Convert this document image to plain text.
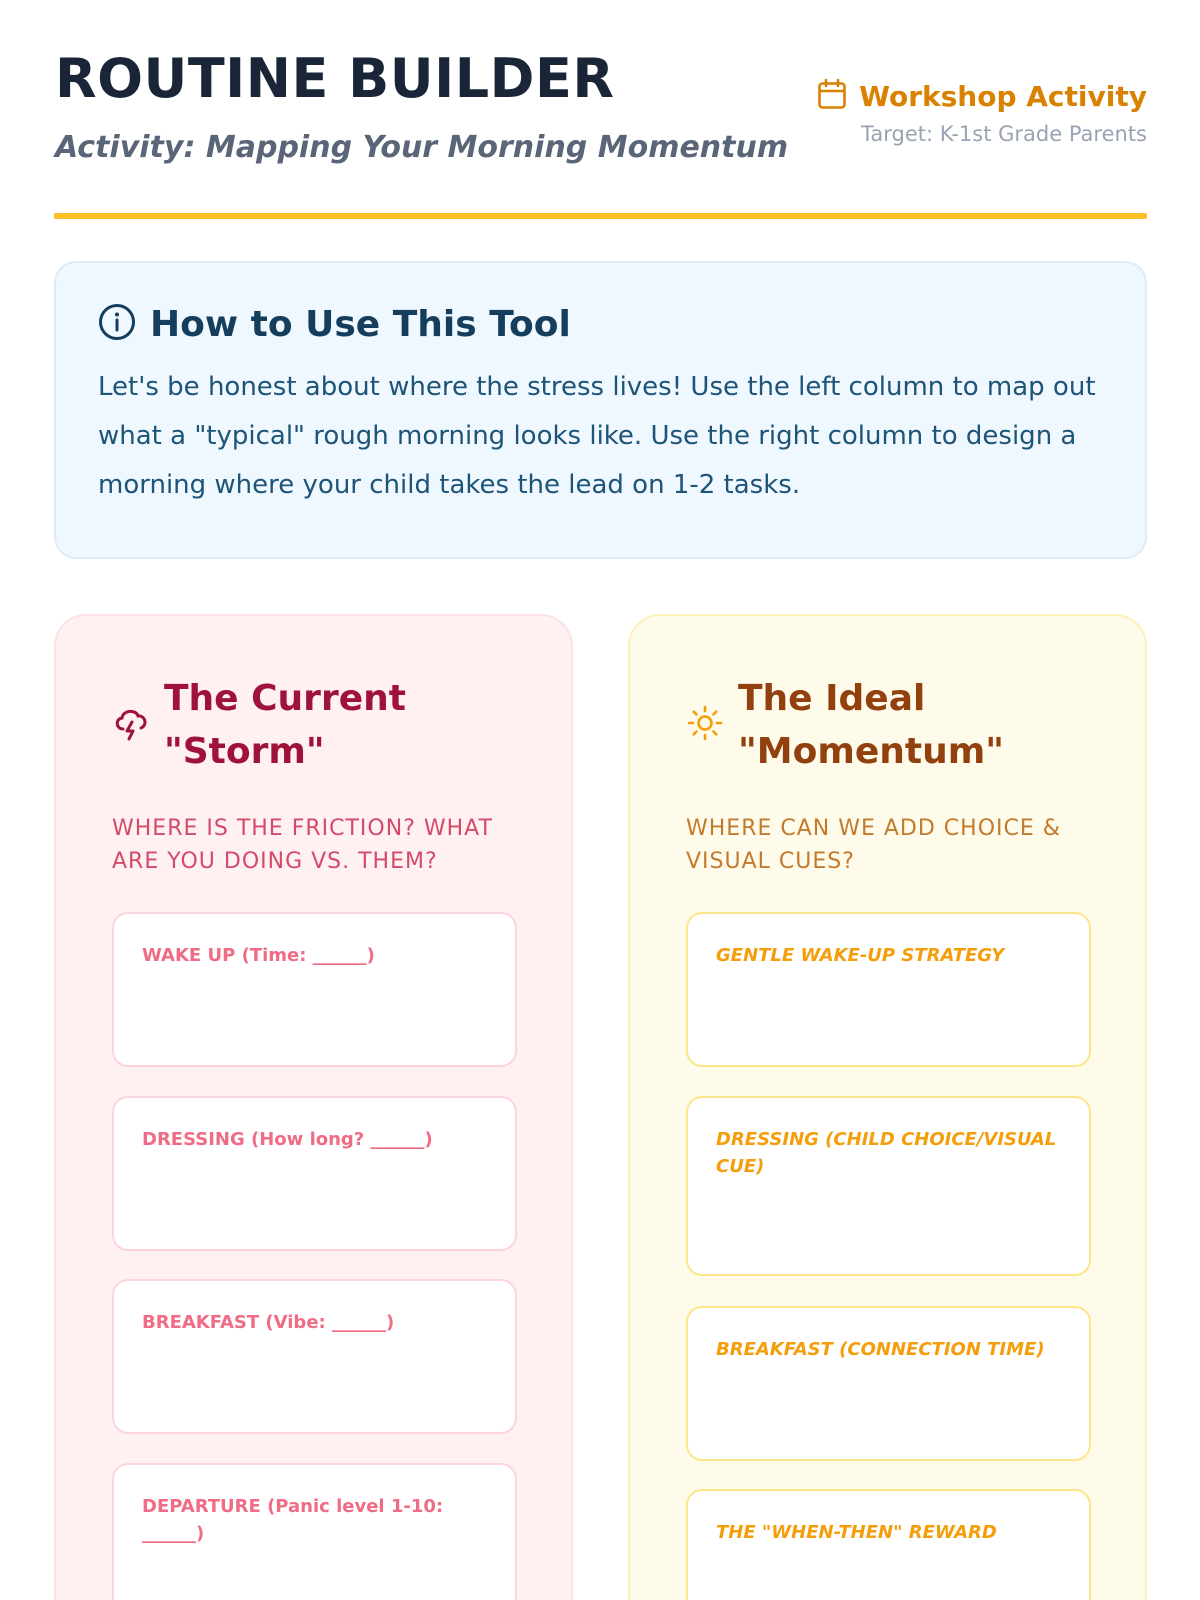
ROUTINE BUILDER
Activity: Mapping Your Morning Momentum
Workshop Activity
Target: K-1st Grade Parents
How to Use This Tool

Let's be honest about where the stress lives! Use the left column to map out what a "typical" rough morning looks like. Use the right column to design a morning where your child takes the lead on 1-2 tasks.

The Current "Storm"

WHERE IS THE FRICTION? WHAT ARE YOU DOING VS. THEM?

WAKE UP (Time: ______)
DRESSING (How long? ______)
BREAKFAST (Vibe: ______)
DEPARTURE (Panic level 1-10: ______)
The Ideal "Momentum"

WHERE CAN WE ADD CHOICE & VISUAL CUES?

GENTLE WAKE-UP STRATEGY
DRESSING (CHILD CHOICE/VISUAL CUE)
BREAKFAST (CONNECTION TIME)
THE "WHEN-THEN" REWARD
